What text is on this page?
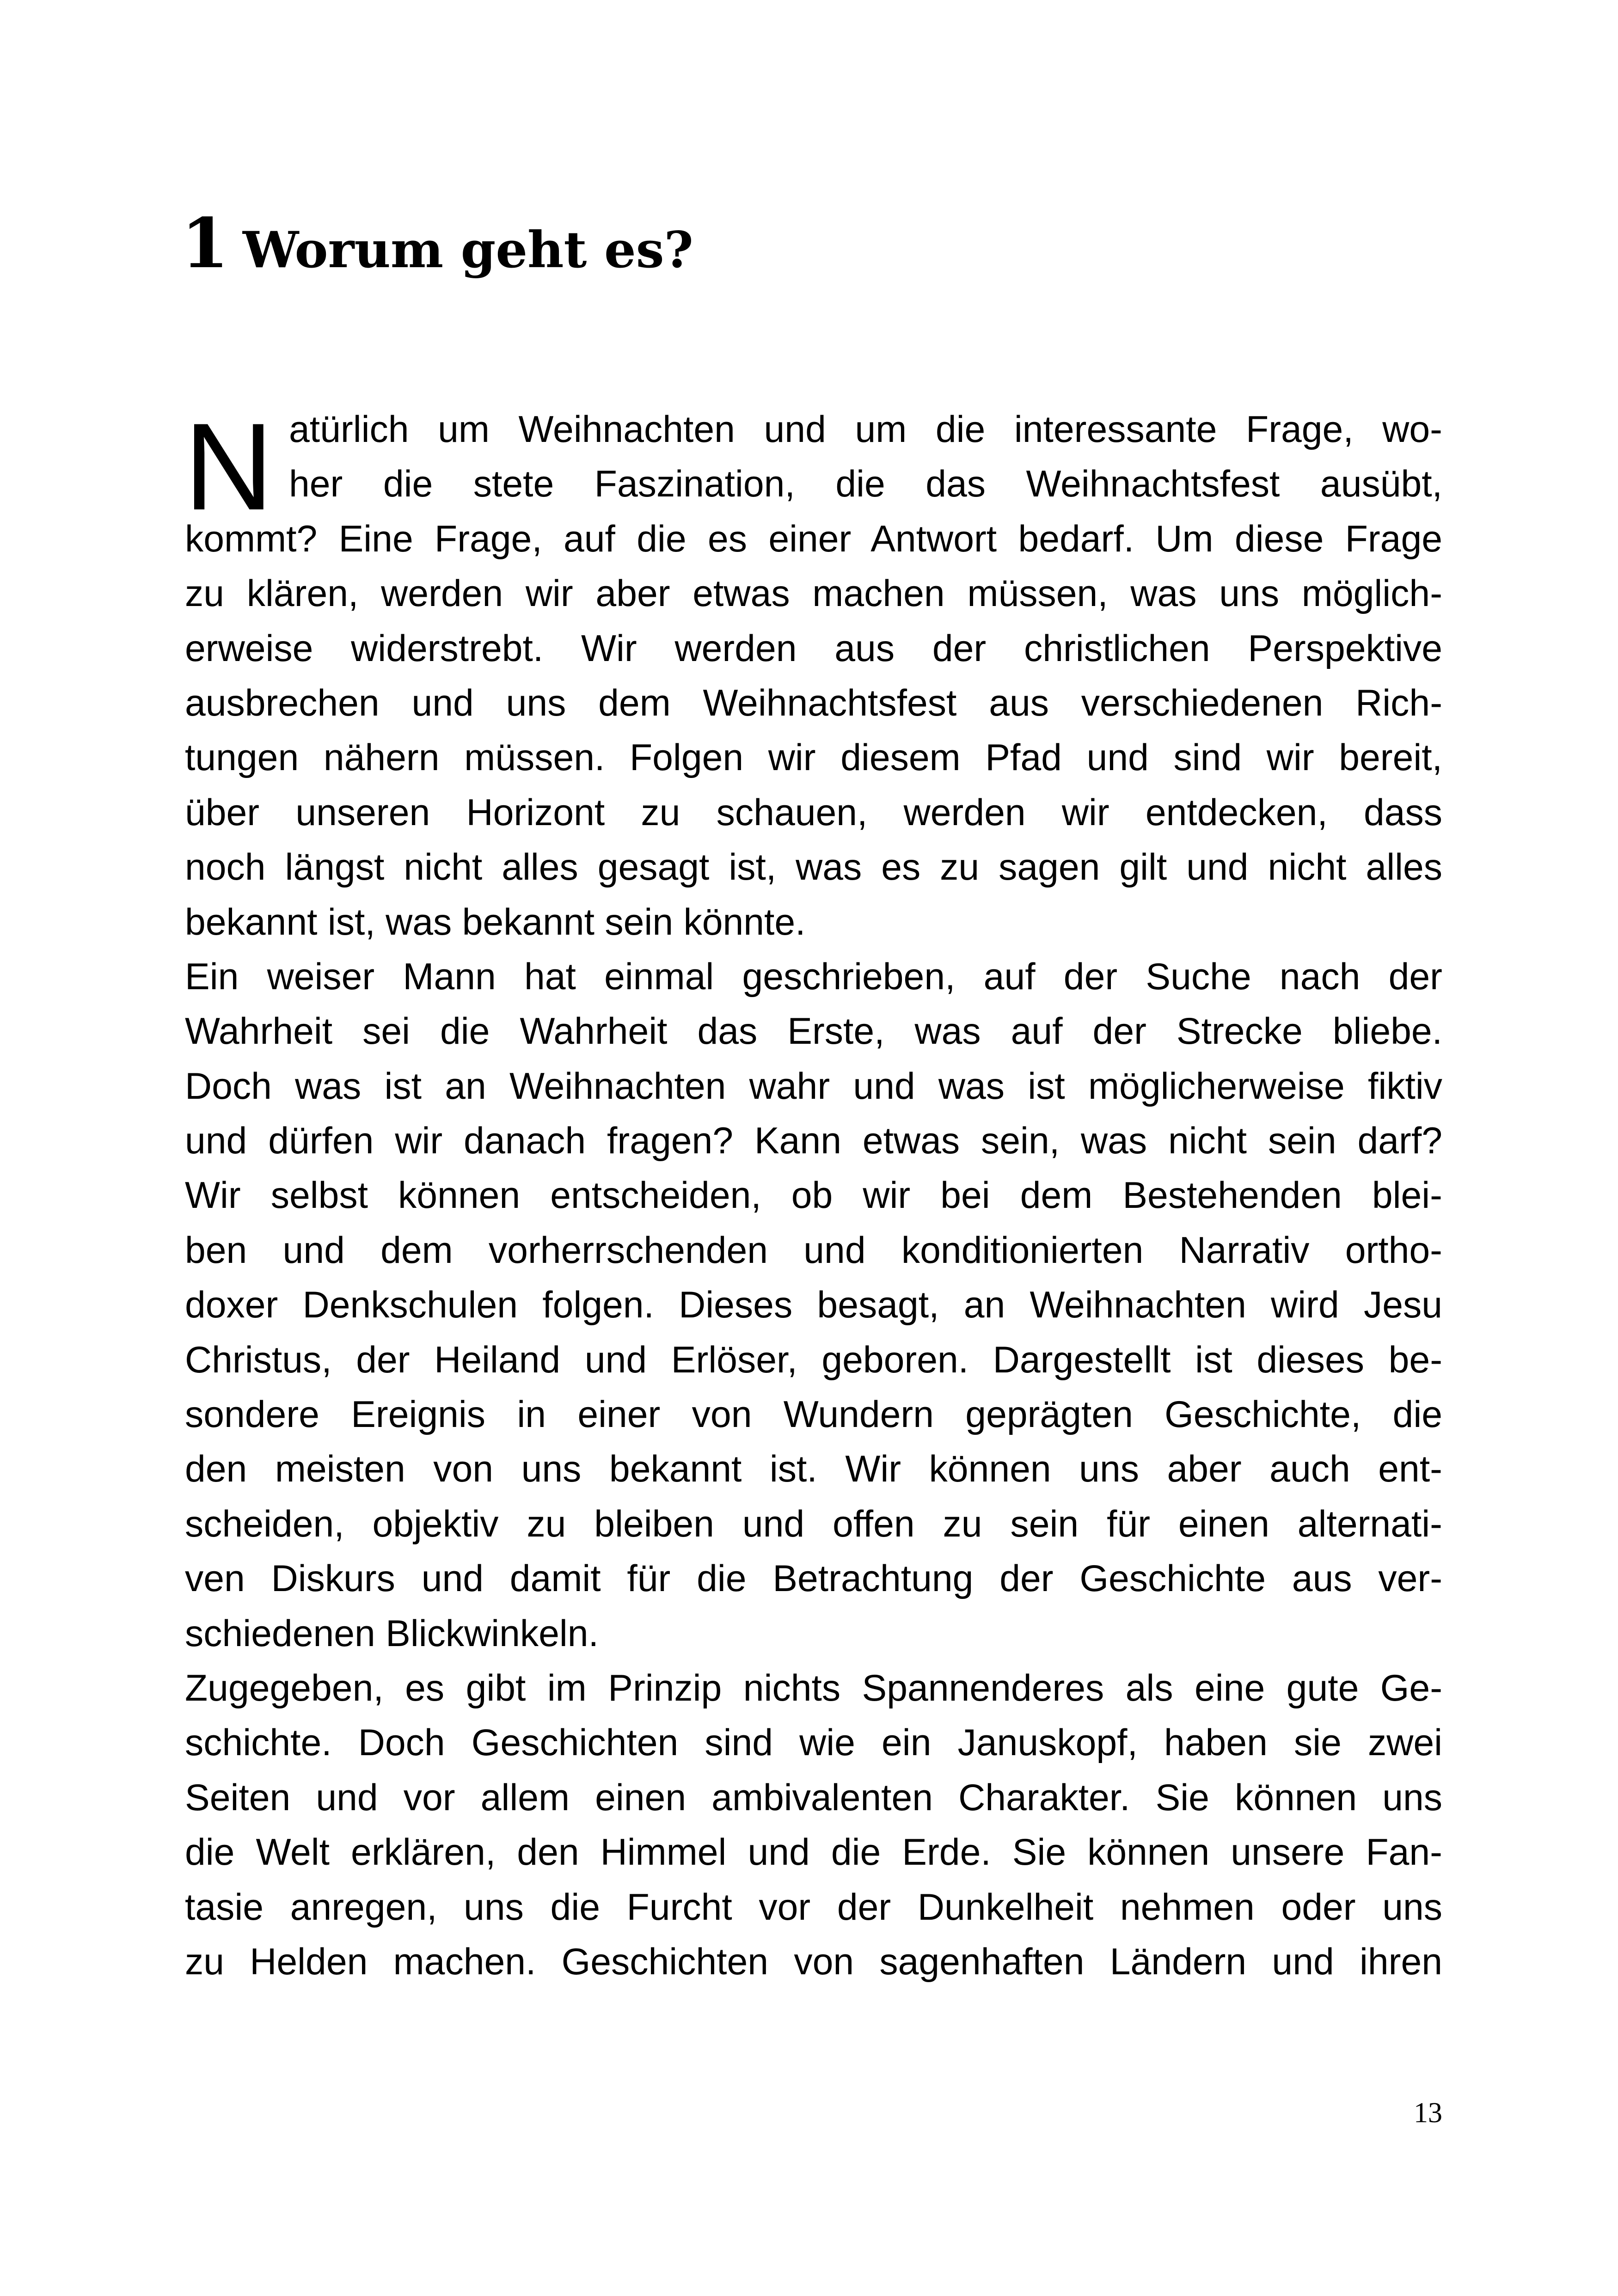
1 Worum geht es?
N atürlich um Weihnachten und um die interessante Frage, wo-
her die stete Faszination, die das Weihnachtsfest ausübt,
kommt? Eine Frage, auf die es einer Antwort bedarf. Um diese Frage
zu klären, werden wir aber etwas machen müssen, was uns möglich-
erweise widerstrebt. Wir werden aus der christlichen Perspektive
ausbrechen und uns dem Weihnachtsfest aus verschiedenen Rich-
tungen nähern müssen. Folgen wir diesem Pfad und sind wir bereit,
über unseren Horizont zu schauen, werden wir entdecken, dass
noch längst nicht alles gesagt ist, was es zu sagen gilt und nicht alles
bekannt ist, was bekannt sein könnte.
Ein weiser Mann hat einmal geschrieben, auf der Suche nach der
Wahrheit sei die Wahrheit das Erste, was auf der Strecke bliebe.
Doch was ist an Weihnachten wahr und was ist möglicherweise fiktiv
und dürfen wir danach fragen? Kann etwas sein, was nicht sein darf?
Wir selbst können entscheiden, ob wir bei dem Bestehenden blei-
ben und dem vorherrschenden und konditionierten Narrativ ortho-
doxer Denkschulen folgen. Dieses besagt, an Weihnachten wird Jesu
Christus, der Heiland und Erlöser, geboren. Dargestellt ist dieses be-
sondere Ereignis in einer von Wundern geprägten Geschichte, die
den meisten von uns bekannt ist. Wir können uns aber auch ent-
scheiden, objektiv zu bleiben und offen zu sein für einen alternati-
ven Diskurs und damit für die Betrachtung der Geschichte aus ver-
schiedenen Blickwinkeln.
Zugegeben, es gibt im Prinzip nichts Spannenderes als eine gute Ge-
schichte. Doch Geschichten sind wie ein Januskopf, haben sie zwei
Seiten und vor allem einen ambivalenten Charakter. Sie können uns
die Welt erklären, den Himmel und die Erde. Sie können unsere Fan-
tasie anregen, uns die Furcht vor der Dunkelheit nehmen oder uns
zu Helden machen. Geschichten von sagenhaften Ländern und ihren
13
